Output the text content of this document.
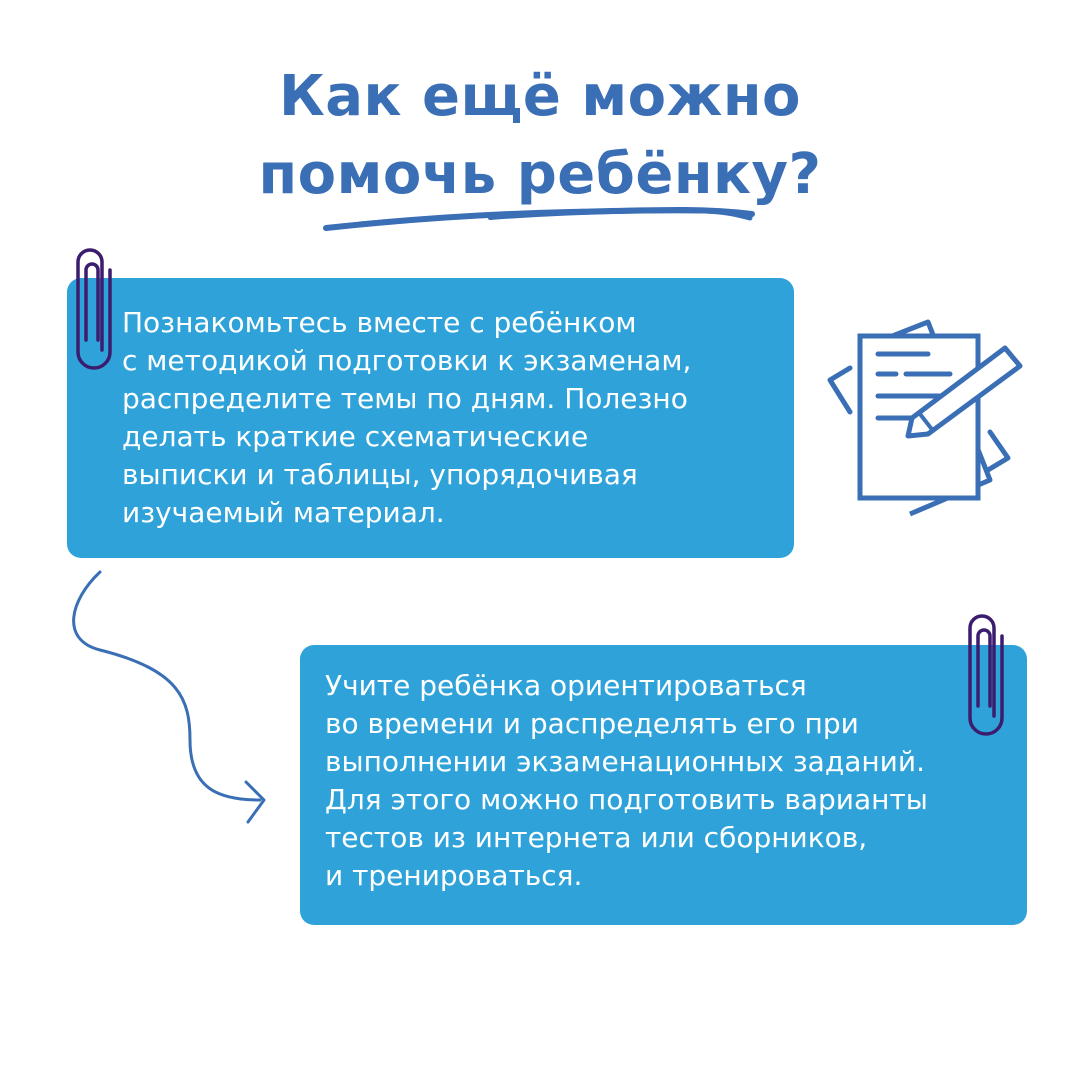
Как ещё можно
помочь ребёнку?
Познакомьтесь вместе с ребёнком
с методикой подготовки к экзаменам,
распределите темы по дням. Полезно
делать краткие схематические
выписки и таблицы, упорядочивая
изучаемый материал.
Учите ребёнка ориентироваться
во времени и распределять его при
выполнении экзаменационных заданий.
Для этого можно подготовить варианты
тестов из интернета или сборников,
и тренироваться.
